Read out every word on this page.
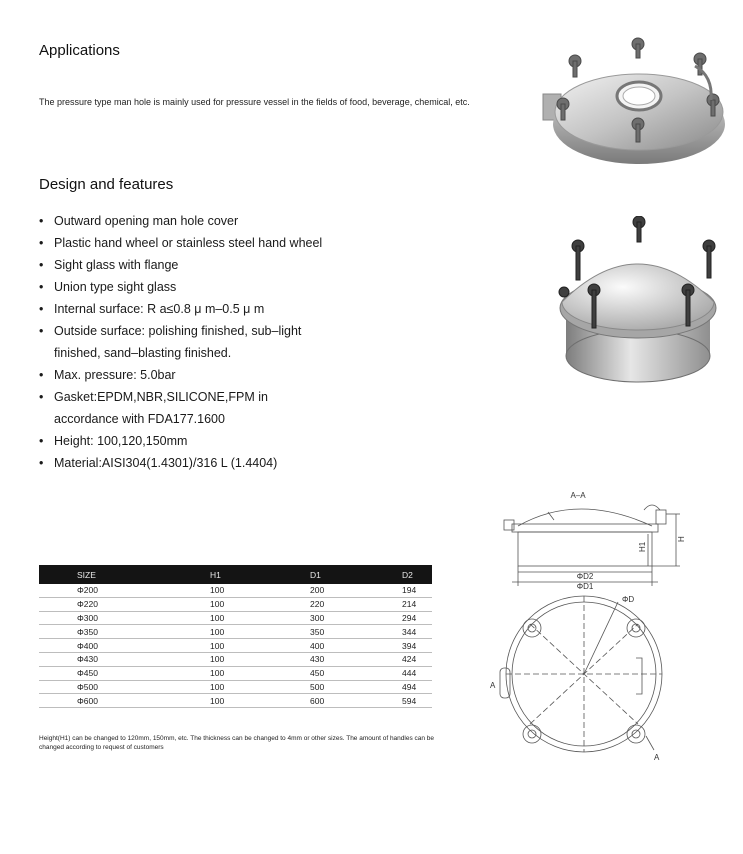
Applications
The pressure type man hole is mainly used for pressure vessel in the fields of food, beverage, chemical, etc.
Design and features
• Outward opening man hole cover
• Plastic hand wheel or stainless steel hand wheel
• Sight glass with flange
• Union type sight glass
• Internal surface: R a≤0.8 μ m–0.5 μ m
• Outside surface: polishing finished, sub–light finished, sand–blasting finished.
• Max. pressure: 5.0bar
• Gasket:EPDM,NBR,SILICONE,FPM in accordance with FDA177.1600
• Height: 100,120,150mm
• Material:AISI304(1.4301)/316 L (1.4404)
A–A
H1
H
ΦD2
ΦD1
ΦD
A
A
SIZE	H1	D1	D2
Φ200	100	200	194
Φ220	100	220	214
Φ300	100	300	294
Φ350	100	350	344
Φ400	100	400	394
Φ430	100	430	424
Φ450	100	450	444
Φ500	100	500	494
Φ600	100	600	594
Height(H1) can be changed to 120mm, 150mm, etc. The thickness can be changed to 4mm or other sizes. The amount of handles can be changed according to request of customers
